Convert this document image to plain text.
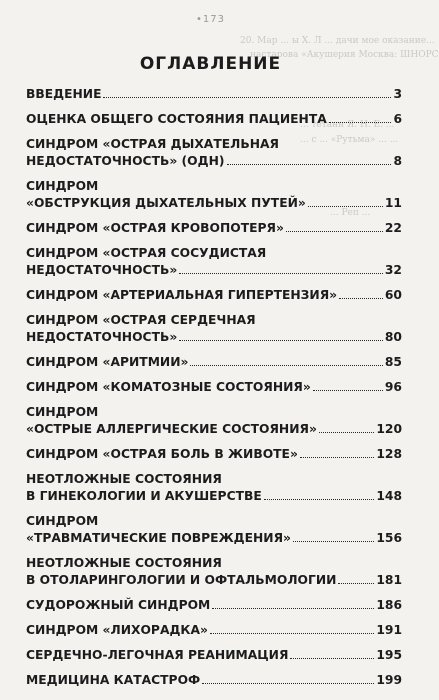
•173
20. Мар ... ы Х. Л ... дачи мое оказание...
настарова «Акушерия Москва: ШНОРС
... тетанн Я. Н. Е. ...
... с ... «Рутьма» ... ...
... Реп ...
ОГЛАВЛЕНИЕ
ВВЕДЕНИЕ	3
ОЦЕНКА ОБЩЕГО СОСТОЯНИЯ ПАЦИЕНТА	6
СИНДРОМ «ОСТРАЯ ДЫХАТЕЛЬНАЯ
НЕДОСТАТОЧНОСТЬ» (ОДН)	8
СИНДРОМ
«ОБСТРУКЦИЯ ДЫХАТЕЛЬНЫХ ПУТЕЙ»	11
СИНДРОМ «ОСТРАЯ КРОВОПОТЕРЯ»	22
СИНДРОМ «ОСТРАЯ СОСУДИСТАЯ
НЕДОСТАТОЧНОСТЬ»	32
СИНДРОМ «АРТЕРИАЛЬНАЯ ГИПЕРТЕНЗИЯ»	60
СИНДРОМ «ОСТРАЯ СЕРДЕЧНАЯ
НЕДОСТАТОЧНОСТЬ»	80
СИНДРОМ «АРИТМИИ»	85
СИНДРОМ «КОМАТОЗНЫЕ СОСТОЯНИЯ»	96
СИНДРОМ
«ОСТРЫЕ АЛЛЕРГИЧЕСКИЕ СОСТОЯНИЯ»	120
СИНДРОМ «ОСТРАЯ БОЛЬ В ЖИВОТЕ»	128
НЕОТЛОЖНЫЕ СОСТОЯНИЯ
В ГИНЕКОЛОГИИ И АКУШЕРСТВЕ	148
СИНДРОМ
«ТРАВМАТИЧЕСКИЕ ПОВРЕЖДЕНИЯ»	156
НЕОТЛОЖНЫЕ СОСТОЯНИЯ
В ОТОЛАРИНГОЛОГИИ И ОФТАЛЬМОЛОГИИ	181
СУДОРОЖНЫЙ СИНДРОМ	186
СИНДРОМ «ЛИХОРАДКА»	191
СЕРДЕЧНО-ЛЕГОЧНАЯ РЕАНИМАЦИЯ	195
МЕДИЦИНА КАТАСТРОФ	199
